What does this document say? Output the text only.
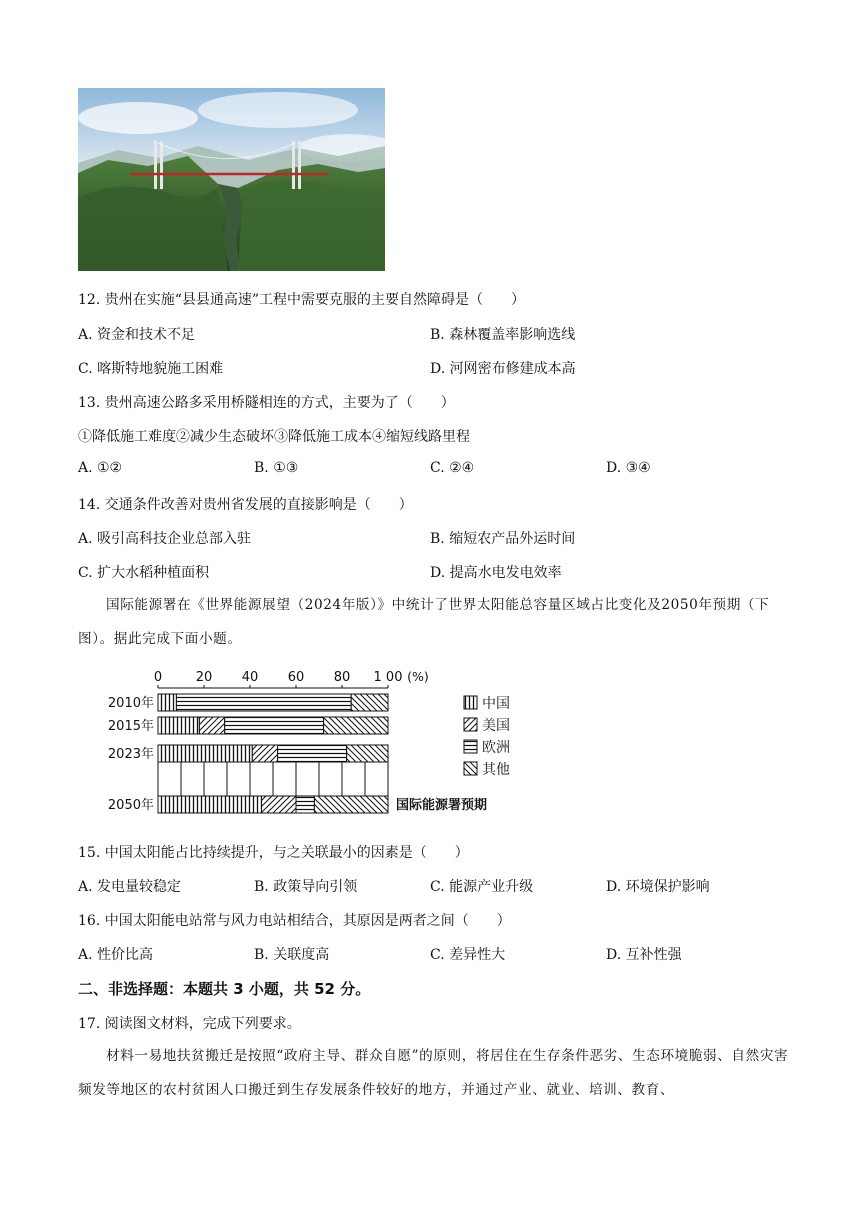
12. 贵州在实施“县县通高速”工程中需要克服的主要自然障碍是（　　）
A. 资金和技术不足	B. 森林覆盖率影响选线
C. 喀斯特地貌施工困难	D. 河网密布修建成本高
13. 贵州高速公路多采用桥隧相连的方式，主要为了（　　）
①降低施工难度②减少生态破坏③降低施工成本④缩短线路里程
A. ①②	B. ①③	C. ②④	D. ③④
14. 交通条件改善对贵州省发展的直接影响是（　　）
A. 吸引高科技企业总部入驻	B. 缩短农产品外运时间
C. 扩大水稻种植面积	D. 提高水电发电效率
国际能源署在《世界能源展望（2024年版）》中统计了世界太阳能总容量区域占比变化及2050年预期（下图）。据此完成下面小题。
0	20 40 60 80 1 00 (%)
2010年
2015年
2023年
2050年	国际能源署预期
中国
美国
欧洲
其他
15. 中国太阳能占比持续提升，与之关联最小的因素是（　　）
A. 发电量较稳定	B. 政策导向引领	C. 能源产业升级	D. 环境保护影响
16. 中国太阳能电站常与风力电站相结合，其原因是两者之间（　　）
A. 性价比高	B. 关联度高	C. 差异性大	D. 互补性强
二、非选择题：本题共 3 小题，共 52 分。
17. 阅读图文材料，完成下列要求。
材料一易地扶贫搬迁是按照“政府主导、群众自愿”的原则，将居住在生存条件恶劣、生态环境脆弱、自然灾害频发等地区的农村贫困人口搬迁到生存发展条件较好的地方，并通过产业、就业、培训、教育、
